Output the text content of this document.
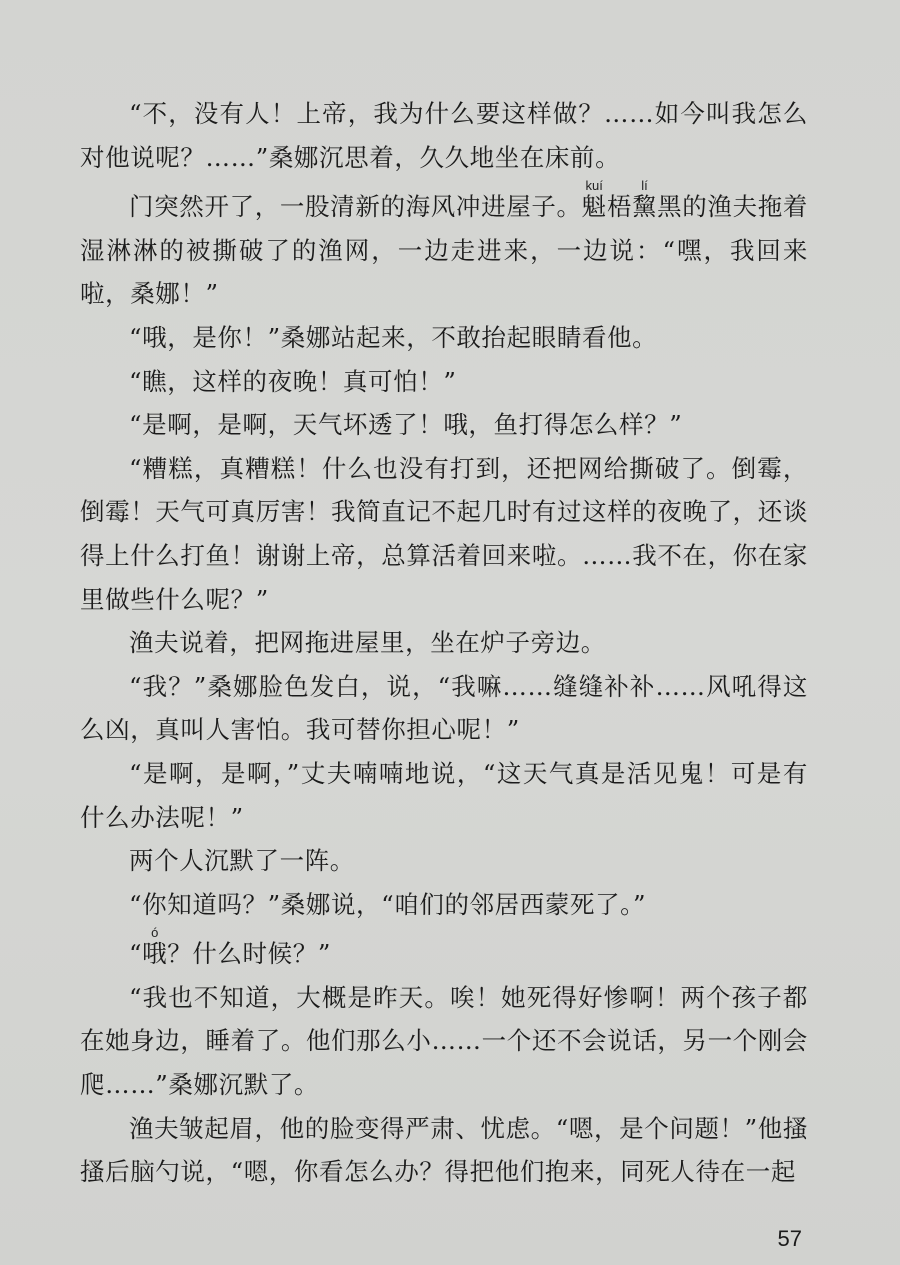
“不，没有人！上帝，我为什么要这样做？……如今叫我怎么对他说呢？……”桑娜沉思着，久久地坐在床前。

门突然开了，一股清新的海风冲进屋子。魁kuí梧黧lí黑的渔夫拖着湿淋淋的被撕破了的渔网，一边走进来，一边说：“嘿，我回来啦，桑娜！”

“哦，是你！”桑娜站起来，不敢抬起眼睛看他。

“瞧，这样的夜晚！真可怕！”

“是啊，是啊，天气坏透了！哦，鱼打得怎么样？”

“糟糕，真糟糕！什么也没有打到，还把网给撕破了。倒霉，倒霉！天气可真厉害！我简直记不起几时有过这样的夜晚了，还谈得上什么打鱼！谢谢上帝，总算活着回来啦。……我不在，你在家里做些什么呢？”

渔夫说着，把网拖进屋里，坐在炉子旁边。

“我？”桑娜脸色发白，说，“我嘛……缝缝补补……风吼得这么凶，真叫人害怕。我可替你担心呢！”

“是啊，是啊，”丈夫喃喃地说，“这天气真是活见鬼！可是有什么办法呢！”

两个人沉默了一阵。

“你知道吗？”桑娜说，“咱们的邻居西蒙死了。”

“哦ó？什么时候？”

“我也不知道，大概是昨天。唉！她死得好惨啊！两个孩子都在她身边，睡着了。他们那么小……一个还不会说话，另一个刚会爬……”桑娜沉默了。

渔夫皱起眉，他的脸变得严肃、忧虑。“嗯，是个问题！”他搔搔后脑勺说，“嗯，你看怎么办？得把他们抱来，同死人待在一起

57
